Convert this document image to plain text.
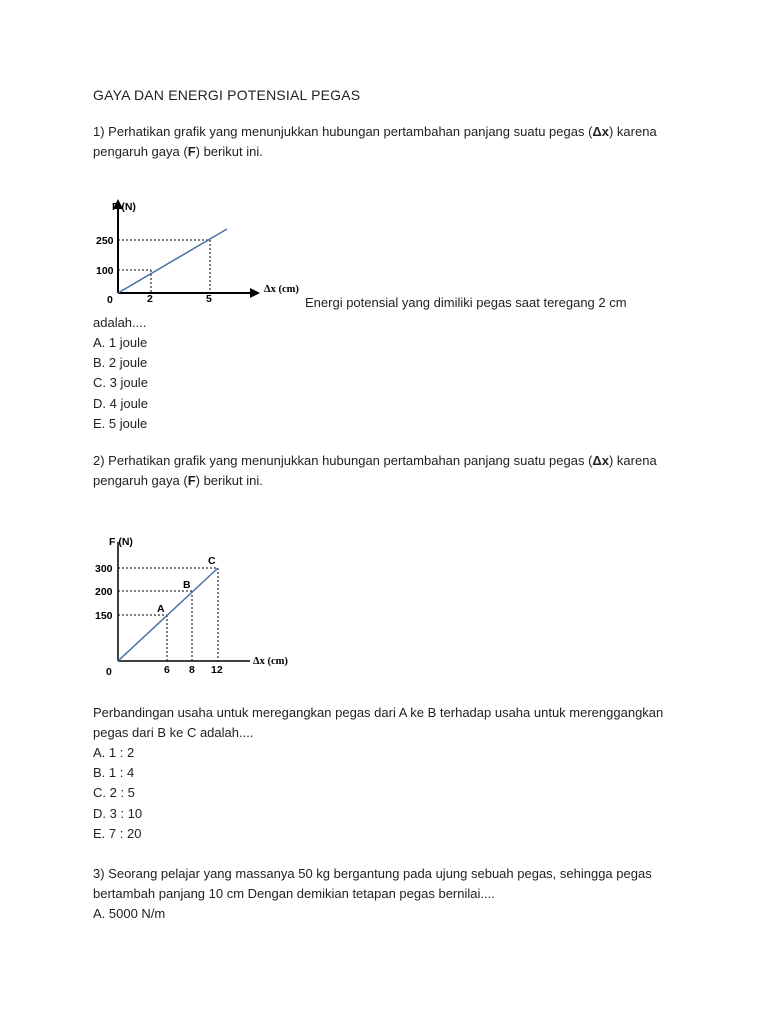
GAYA DAN ENERGI POTENSIAL PEGAS
1) Perhatikan grafik yang menunjukkan hubungan pertambahan panjang suatu pegas (Δx) karena
pengaruh gaya (F) berikut ini.
F (N)
250
100
0	2	5
Δx (cm)
Energi potensial yang dimiliki pegas saat teregang 2 cm
adalah....
A. 1 joule
B. 2 joule
C. 3 joule
D. 4 joule
E. 5 joule
2) Perhatikan grafik yang menunjukkan hubungan pertambahan panjang suatu pegas (Δx) karena
pengaruh gaya (F) berikut ini.
F (N)
300
200
150
A
B
C
0	6 8 12
Δx (cm)
Perbandingan usaha untuk meregangkan pegas dari A ke B terhadap usaha untuk merenggangkan
pegas dari B ke C adalah....
A. 1 : 2
B. 1 : 4
C. 2 : 5
D. 3 : 10
E. 7 : 20
3) Seorang pelajar yang massanya 50 kg bergantung pada ujung sebuah pegas, sehingga pegas
bertambah panjang 10 cm Dengan demikian tetapan pegas bernilai....
A. 5000 N/m
